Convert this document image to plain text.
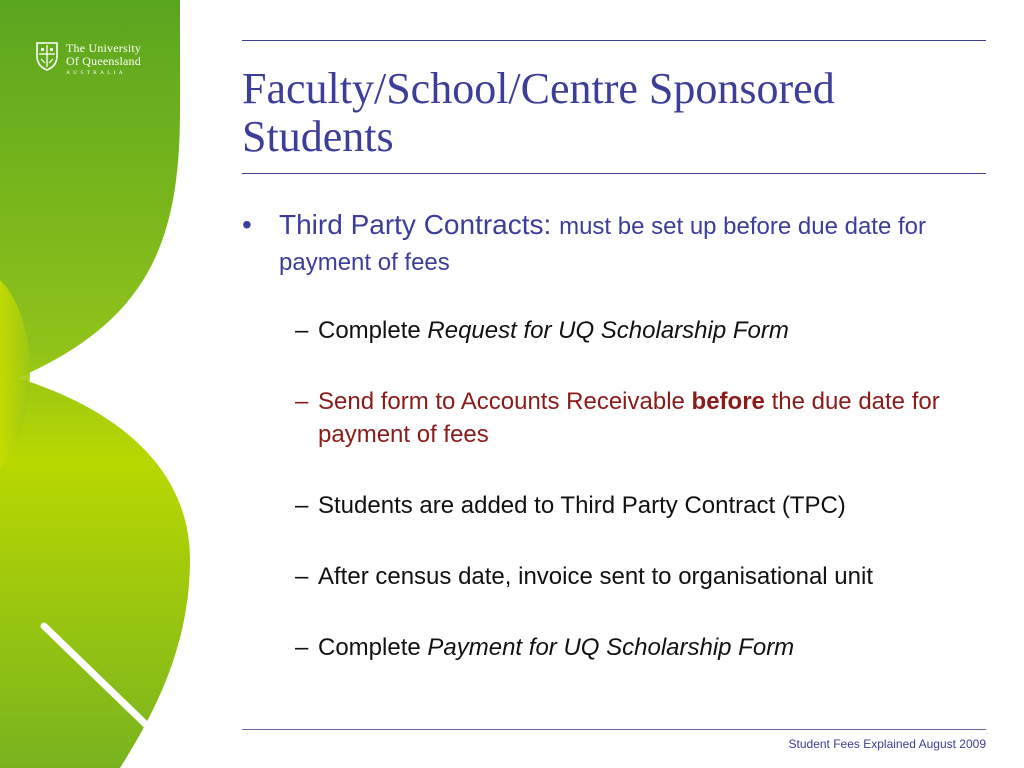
The University
Of Queensland
AUSTRALIA	Faculty/School/Centre Sponsored Students
• Third Party Contracts: must be set up before due date for payment of fees
– Complete Request for UQ Scholarship Form
– Send form to Accounts Receivable before the due date for payment of fees
– Students are added to Third Party Contract (TPC)
– After census date, invoice sent to organisational unit
– Complete Payment for UQ Scholarship Form
Student Fees Explained August 2009
